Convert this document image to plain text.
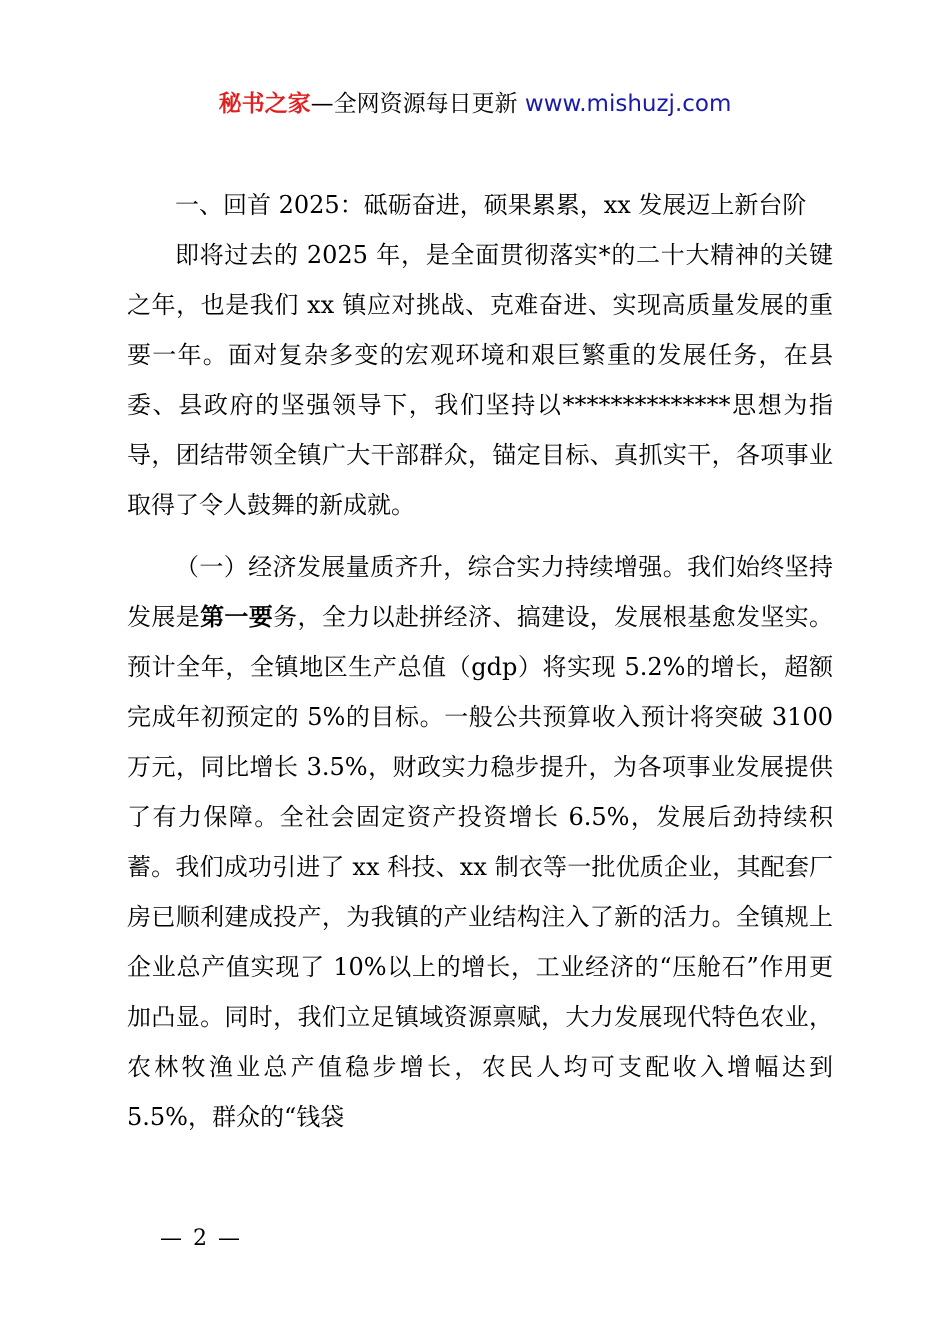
秘书之家—全网资源每日更新 www.mishuzj.com

一、回首 2025：砥砺奋进，硕果累累，xx 发展迈上新台阶

即将过去的 2025 年，是全面贯彻落实*的二十大精神的关键之年，也是我们 xx 镇应对挑战、克难奋进、实现高质量发展的重要一年。面对复杂多变的宏观环境和艰巨繁重的发展任务，在县委、县政府的坚强领导下，我们坚持以**************思想为指导，团结带领全镇广大干部群众，锚定目标、真抓实干，各项事业取得了令人鼓舞的新成就。

（一）经济发展量质齐升，综合实力持续增强。我们始终坚持发展是第一要务，全力以赴拼经济、搞建设，发展根基愈发坚实。预计全年，全镇地区生产总值（gdp）将实现 5.2%的增长，超额完成年初预定的 5%的目标。一般公共预算收入预计将突破 3100 万元，同比增长 3.5%，财政实力稳步提升，为各项事业发展提供了有力保障。全社会固定资产投资增长 6.5%，发展后劲持续积蓄。我们成功引进了 xx 科技、xx 制衣等一批优质企业，其配套厂房已顺利建成投产，为我镇的产业结构注入了新的活力。全镇规上企业总产值实现了 10%以上的增长，工业经济的“压舱石”作用更加凸显。同时，我们立足镇域资源禀赋，大力发展现代特色农业，农林牧渔业总产值稳步增长，农民人均可支配收入增幅达到 5.5%，群众的“钱袋

— 2 —
